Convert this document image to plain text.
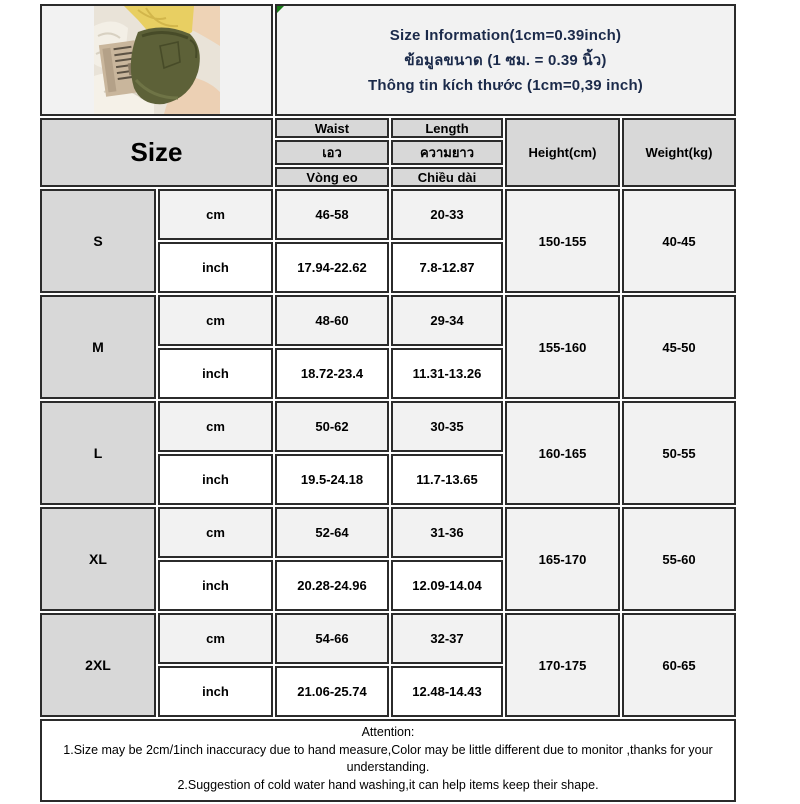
Size Information(1cm=0.39inch)
ข้อมูลขนาด (1 ซม. = 0.39 นิ้ว)
Thông tin kích thước (1cm=0,39 inch)			

Size		Waist	Length	Height(cm)	Weight(kg)
		เอว	ความยาว		
		Vòng eo	Chiều dài		
S	cm	46-58	20-33	150-155	40-45
	inch	17.94-22.62	7.8-12.87		
M	cm	48-60	29-34	155-160	45-50
	inch	18.72-23.4	11.31-13.26		
L	cm	50-62	30-35	160-165	50-55
	inch	19.5-24.18	11.7-13.65		
XL	cm	52-64	31-36	165-170	55-60
	inch	20.28-24.96	12.09-14.04		
2XL	cm	54-66	32-37	170-175	60-65
	inch	21.06-25.74	12.48-14.43		

Attention:
1.Size may be 2cm/1inch inaccuracy due to hand measure,Color may be little different due to monitor ,thanks for your understanding.
2.Suggestion of cold water hand washing,it can help items keep their shape.					
